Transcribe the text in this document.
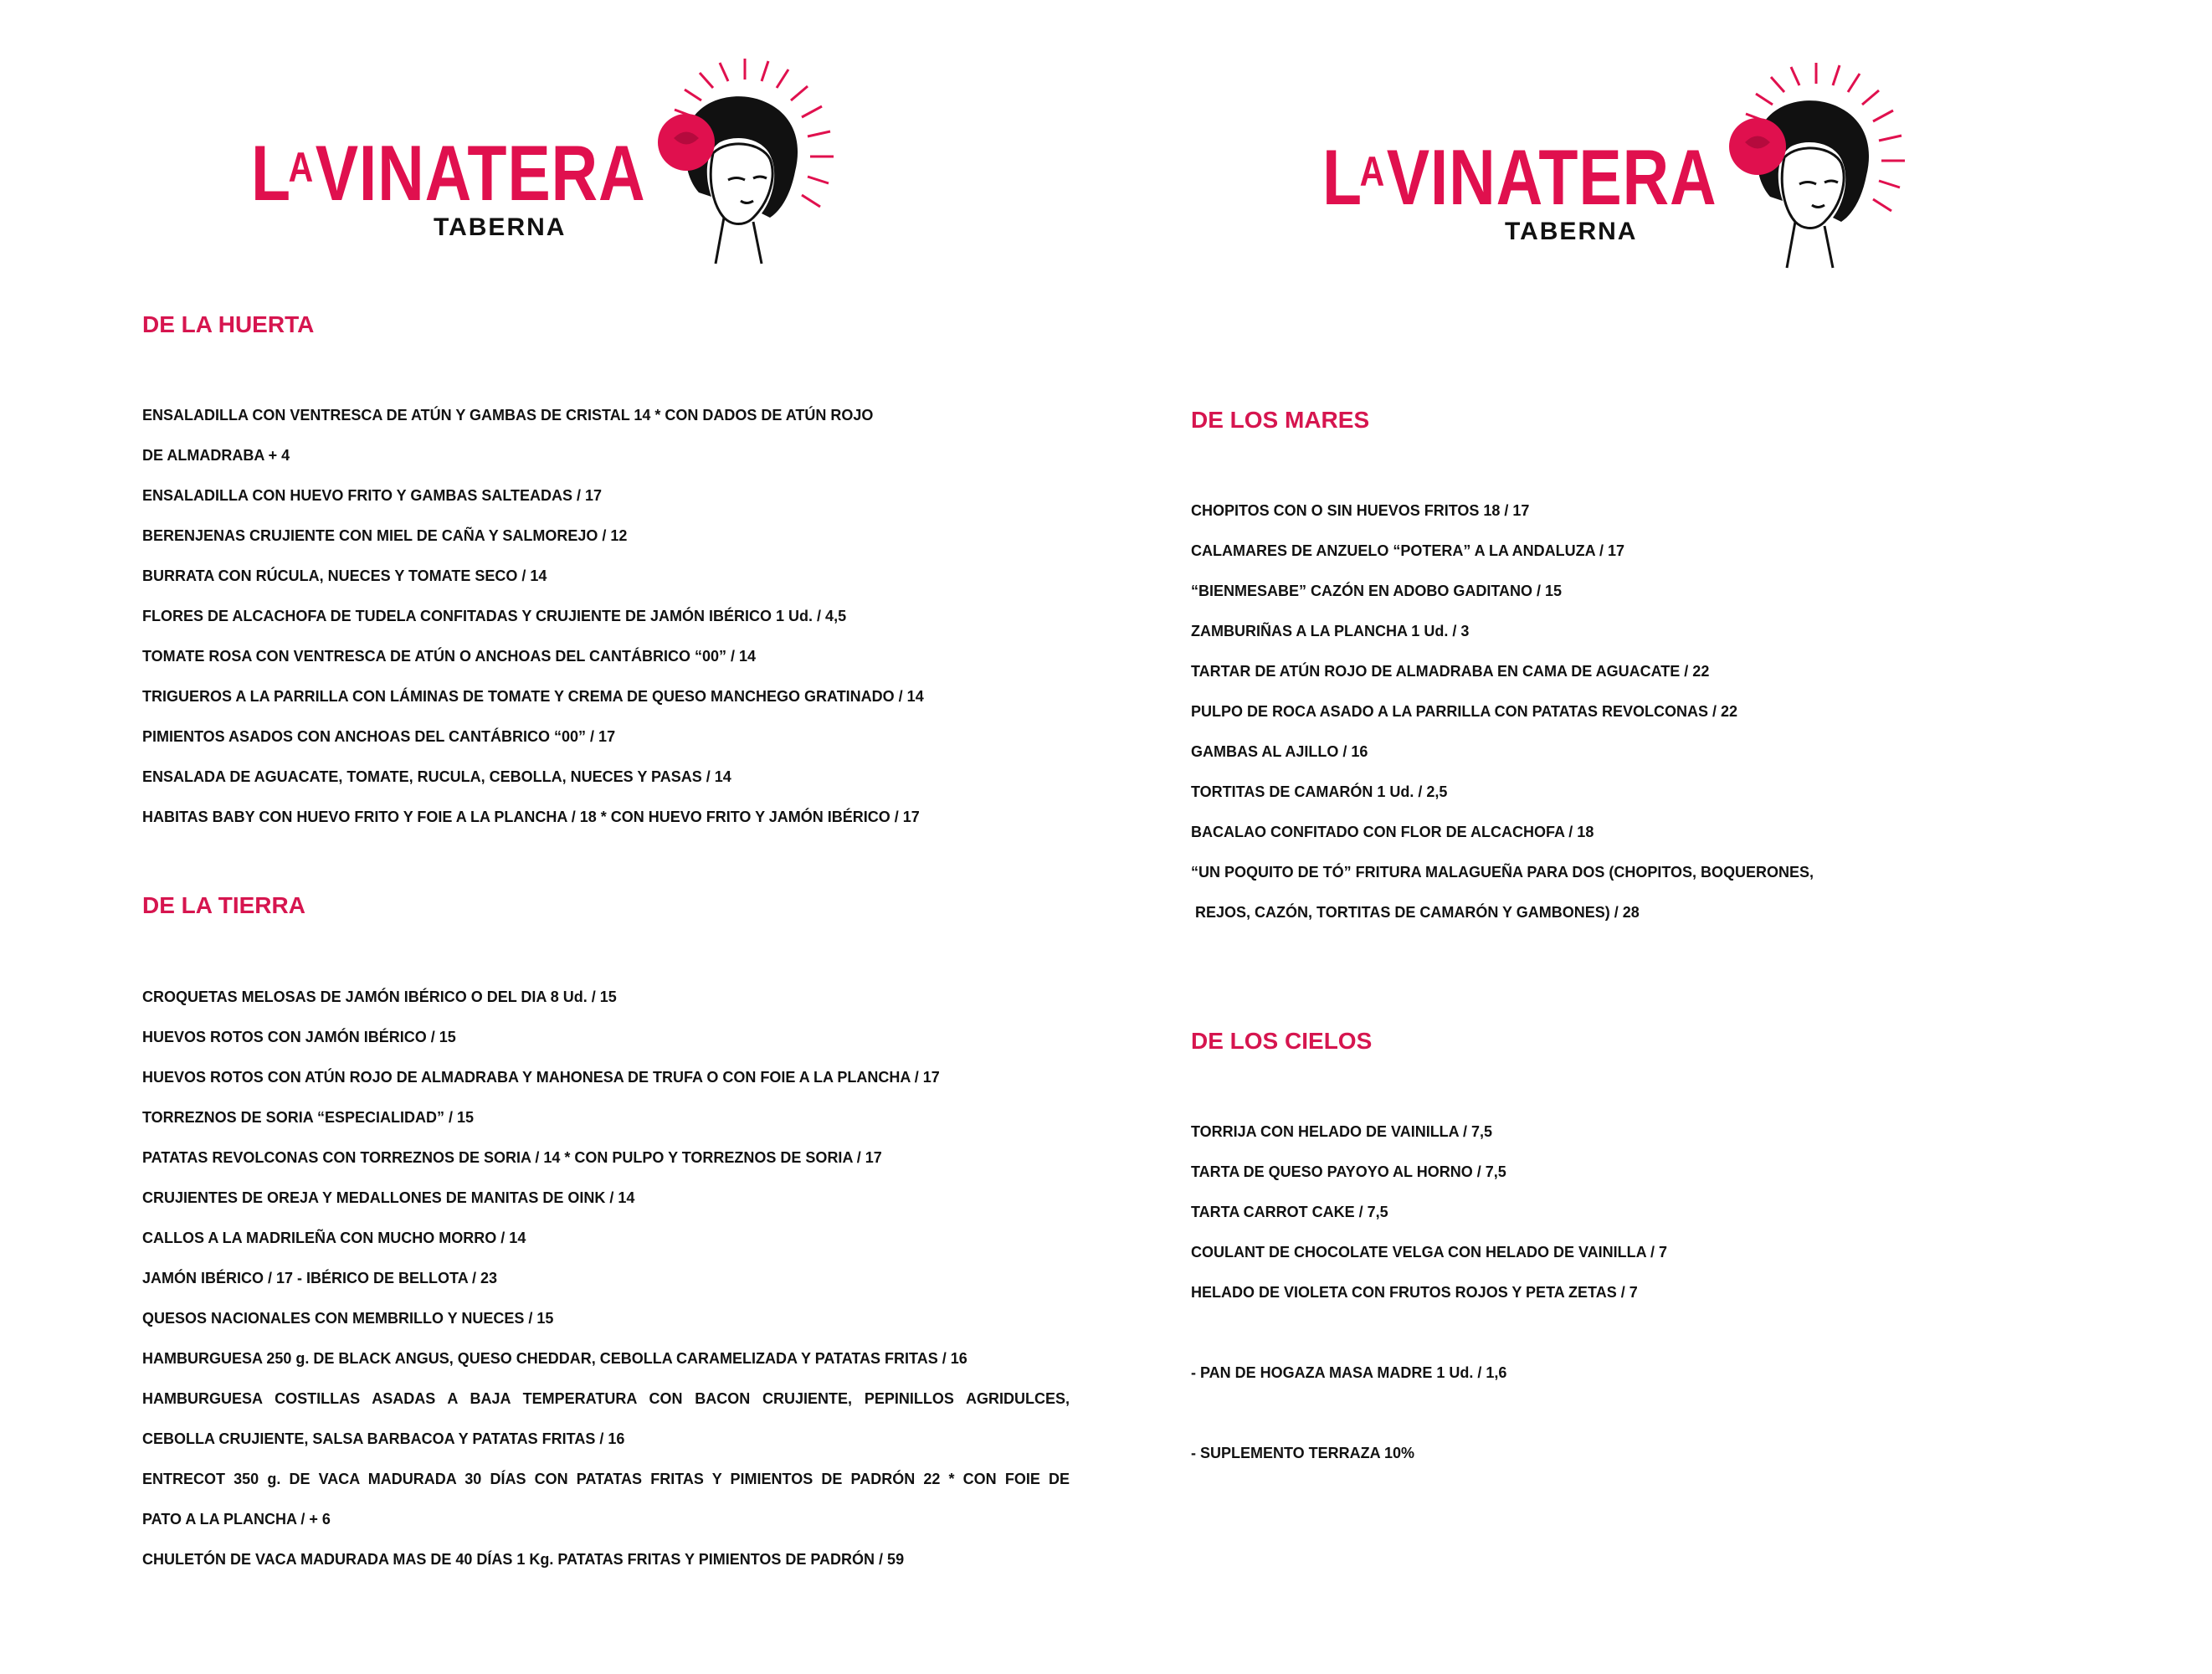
$L^AVINATERA$
TABERNA
$L^AVINATERA$
TABERNA
DE LA HUERTA
ENSALADILLA CON VENTRESCA DE ATÚN Y GAMBAS DE CRISTAL 14 * CON DADOS DE ATÚN ROJO
DE ALMADRABA + 4
ENSALADILLA CON HUEVO FRITO Y GAMBAS SALTEADAS / 17
BERENJENAS CRUJIENTE CON MIEL DE CAÑA Y SALMOREJO / 12
BURRATA CON RÚCULA, NUECES Y TOMATE SECO / 14
FLORES DE ALCACHOFA DE TUDELA CONFITADAS Y CRUJIENTE DE JAMÓN IBÉRICO 1 Ud. / 4,5
TOMATE ROSA CON VENTRESCA DE ATÚN O ANCHOAS DEL CANTÁBRICO “00” / 14
TRIGUEROS A LA PARRILLA CON LÁMINAS DE TOMATE Y CREMA DE QUESO MANCHEGO GRATINADO / 14
PIMIENTOS ASADOS CON ANCHOAS DEL CANTÁBRICO “00” / 17
ENSALADA DE AGUACATE, TOMATE, RUCULA, CEBOLLA, NUECES Y PASAS / 14
HABITAS BABY CON HUEVO FRITO Y FOIE A LA PLANCHA / 18 * CON HUEVO FRITO Y JAMÓN IBÉRICO / 17
DE LA TIERRA
CROQUETAS MELOSAS DE JAMÓN IBÉRICO O DEL DIA 8 Ud. / 15
HUEVOS ROTOS CON JAMÓN IBÉRICO / 15
HUEVOS ROTOS CON ATÚN ROJO DE ALMADRABA Y MAHONESA DE TRUFA O CON FOIE A LA PLANCHA / 17
TORREZNOS DE SORIA “ESPECIALIDAD” / 15
PATATAS REVOLCONAS CON TORREZNOS DE SORIA / 14 * CON PULPO Y TORREZNOS DE SORIA / 17
CRUJIENTES DE OREJA Y MEDALLONES DE MANITAS DE OINK / 14
CALLOS A LA MADRILEÑA CON MUCHO MORRO / 14
JAMÓN IBÉRICO / 17 - IBÉRICO DE BELLOTA / 23
QUESOS NACIONALES CON MEMBRILLO Y NUECES / 15
HAMBURGUESA 250 g. DE BLACK ANGUS, QUESO CHEDDAR, CEBOLLA CARAMELIZADA Y PATATAS FRITAS / 16
HAMBURGUESA COSTILLAS ASADAS A BAJA TEMPERATURA CON BACON CRUJIENTE, PEPINILLOS AGRIDULCES,
CEBOLLA CRUJIENTE, SALSA BARBACOA Y PATATAS FRITAS / 16
ENTRECOT 350 g. DE VACA MADURADA 30 DÍAS CON PATATAS FRITAS Y PIMIENTOS DE PADRÓN 22 * CON FOIE DE
PATO A LA PLANCHA / + 6
CHULETÓN DE VACA MADURADA MAS DE 40 DÍAS 1 Kg. PATATAS FRITAS Y PIMIENTOS DE PADRÓN / 59
DE LOS MARES
CHOPITOS CON O SIN HUEVOS FRITOS 18 / 17
CALAMARES DE ANZUELO “POTERA” A LA ANDALUZA / 17
“BIENMESABE” CAZÓN EN ADOBO GADITANO / 15
ZAMBURIÑAS A LA PLANCHA 1 Ud. / 3
TARTAR DE ATÚN ROJO DE ALMADRABA EN CAMA DE AGUACATE / 22
PULPO DE ROCA ASADO A LA PARRILLA CON PATATAS REVOLCONAS / 22
GAMBAS AL AJILLO / 16
TORTITAS DE CAMARÓN 1 Ud. / 2,5
BACALAO CONFITADO CON FLOR DE ALCACHOFA / 18
“UN POQUITO DE TÓ” FRITURA MALAGUEÑA PARA DOS (CHOPITOS, BOQUERONES,
REJOS, CAZÓN, TORTITAS DE CAMARÓN Y GAMBONES) / 28
DE LOS CIELOS
TORRIJA CON HELADO DE VAINILLA / 7,5
TARTA DE QUESO PAYOYO AL HORNO / 7,5
TARTA CARROT CAKE / 7,5
COULANT DE CHOCOLATE VELGA CON HELADO DE VAINILLA / 7
HELADO DE VIOLETA CON FRUTOS ROJOS Y PETA ZETAS / 7
- PAN DE HOGAZA MASA MADRE 1 Ud. / 1,6
- SUPLEMENTO TERRAZA 10%
